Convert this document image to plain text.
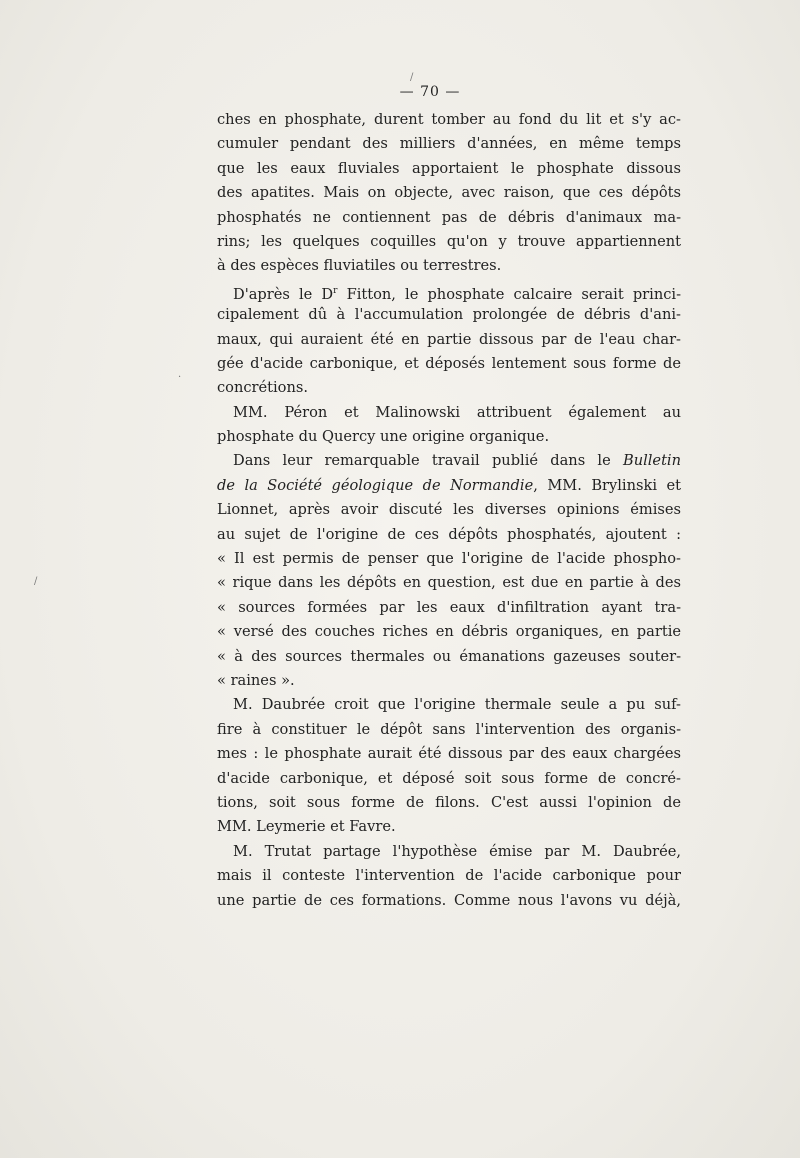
— 70 —
ches en phosphate, durent tomber au fond du lit et s'y ac-
cumuler pendant des milliers d'années, en même temps
que les eaux fluviales apportaient le phosphate dissous
des apatites. Mais on objecte, avec raison, que ces dépôts
phosphatés ne contiennent pas de débris d'animaux ma-
rins; les quelques coquilles qu'on y trouve appartiennent
à des espèces fluviatiles ou terrestres.
D'après le $D^r$ Fitton, le phosphate calcaire serait princi-
cipalement dû à l'accumulation prolongée de débris d'ani-
maux, qui auraient été en partie dissous par de l'eau char-
gée d'acide carbonique, et déposés lentement sous forme de
concrétions.
MM. Péron et Malinowski attribuent également au
phosphate du Quercy une origine organique.
Dans leur remarquable travail publié dans le Bulletin
de la Société géologique de Normandie, MM. Brylinski et
Lionnet, après avoir discuté les diverses opinions émises
au sujet de l'origine de ces dépôts phosphatés, ajoutent :
« Il est permis de penser que l'origine de l'acide phospho-
« rique dans les dépôts en question, est due en partie à des
« sources formées par les eaux d'infiltration ayant tra-
« versé des couches riches en débris organiques, en partie
« à des sources thermales ou émanations gazeuses souter-
« raines ».
M. Daubrée croit que l'origine thermale seule a pu suf-
fire à constituer le dépôt sans l'intervention des organis-
mes : le phosphate aurait été dissous par des eaux chargées
d'acide carbonique, et déposé soit sous forme de concré-
tions, soit sous forme de filons. C'est aussi l'opinion de
MM. Leymerie et Favre.
M. Trutat partage l'hypothèse émise par M. Daubrée,
mais il conteste l'intervention de l'acide carbonique pour
une partie de ces formations. Comme nous l'avons vu déjà,
/
·
/
